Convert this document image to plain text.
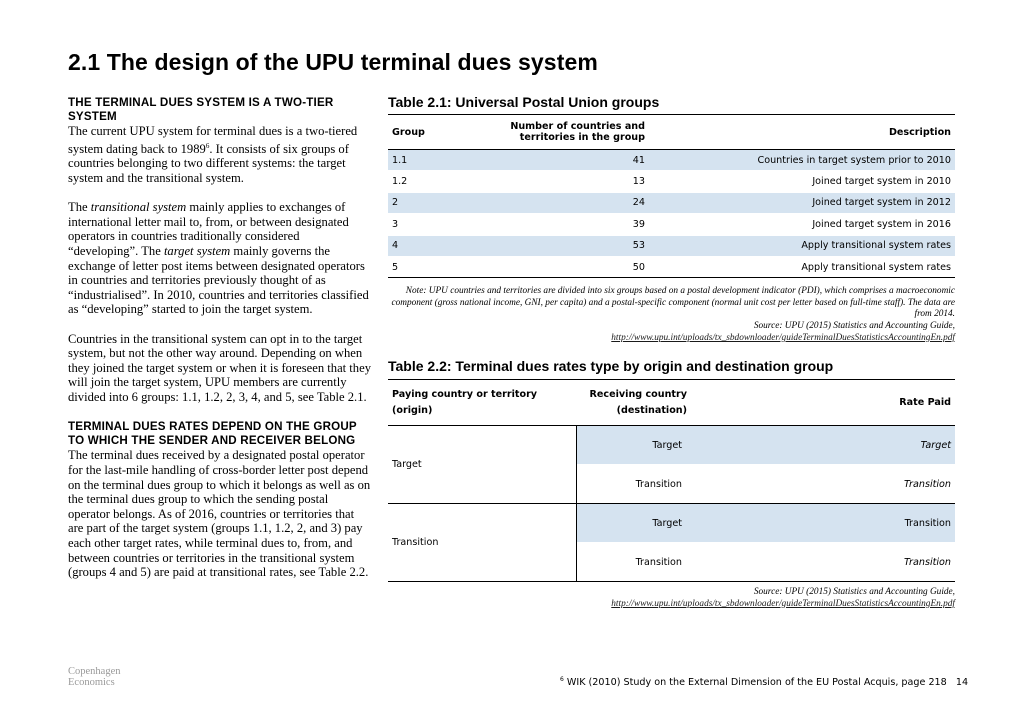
2.1 The design of the UPU terminal dues system

THE TERMINAL DUES SYSTEM IS A TWO-TIER SYSTEM

The current UPU system for terminal dues is a two-tiered system dating back to 1989$^6$. It consists of six groups of countries belonging to two different systems: the target system and the transitional system.

The transitional system mainly applies to exchanges of international letter mail to, from, or between designated operators in countries traditionally considered “developing”. The target system mainly governs the exchange of letter post items between designated operators in countries and territories previously thought of as “industrialised”. In 2010, countries and territories classified as “developing” started to join the target system.

Countries in the transitional system can opt in to the target system, but not the other way around. Depending on when they joined the target system or when it is foreseen that they will join the target system, UPU members are currently divided into 6 groups: 1.1, 1.2, 2, 3, 4, and 5, see Table 2.1.

TERMINAL DUES RATES DEPEND ON THE GROUP TO WHICH THE SENDER AND RECEIVER BELONG

The terminal dues received by a designated postal operator for the last-mile handling of cross-border letter post depend on the terminal dues group to which it belongs as well as on the terminal dues group to which the sending postal operator belongs. As of 2016, countries or territories that are part of the target system (groups 1.1, 1.2, 2, and 3) pay each other target rates, while terminal dues to, from, and between countries or territories in the transitional system (groups 4 and 5) are paid at transitional rates, see Table 2.2.

Table 2.1: Universal Postal Union groups
Group	Number of countries and territories in the group	Description
1.1	41	Countries in target system prior to 2010
1.2	13	Joined target system in 2010
2	24	Joined target system in 2012
3	39	Joined target system in 2016
4	53	Apply transitional system rates
5	50	Apply transitional system rates
Note: UPU countries and territories are divided into six groups based on a postal development indicator (PDI), which comprises a macroeconomic component (gross national income, GNI, per capita) and a postal-specific component (normal unit cost per letter based on full-time staff). The data are from 2014.
Source: UPU (2015) Statistics and Accounting Guide,
http://www.upu.int/uploads/tx_sbdownloader/guideTerminalDuesStatisticsAccountingEn.pdf
Table 2.2: Terminal dues rates type by origin and destination group
Paying country or territory (origin)	Receiving country (destination)	Rate Paid
Target	Target	Target
	Transition	Transition
Transition	Target	Transition
	Transition	Transition
Source: UPU (2015) Statistics and Accounting Guide,
http://www.upu.int/uploads/tx_sbdownloader/guideTerminalDuesStatisticsAccountingEn.pdf
Copenhagen
Economics	$^6$ WIK (2010) Study on the External Dimension of the EU Postal Acquis, page 218 14
